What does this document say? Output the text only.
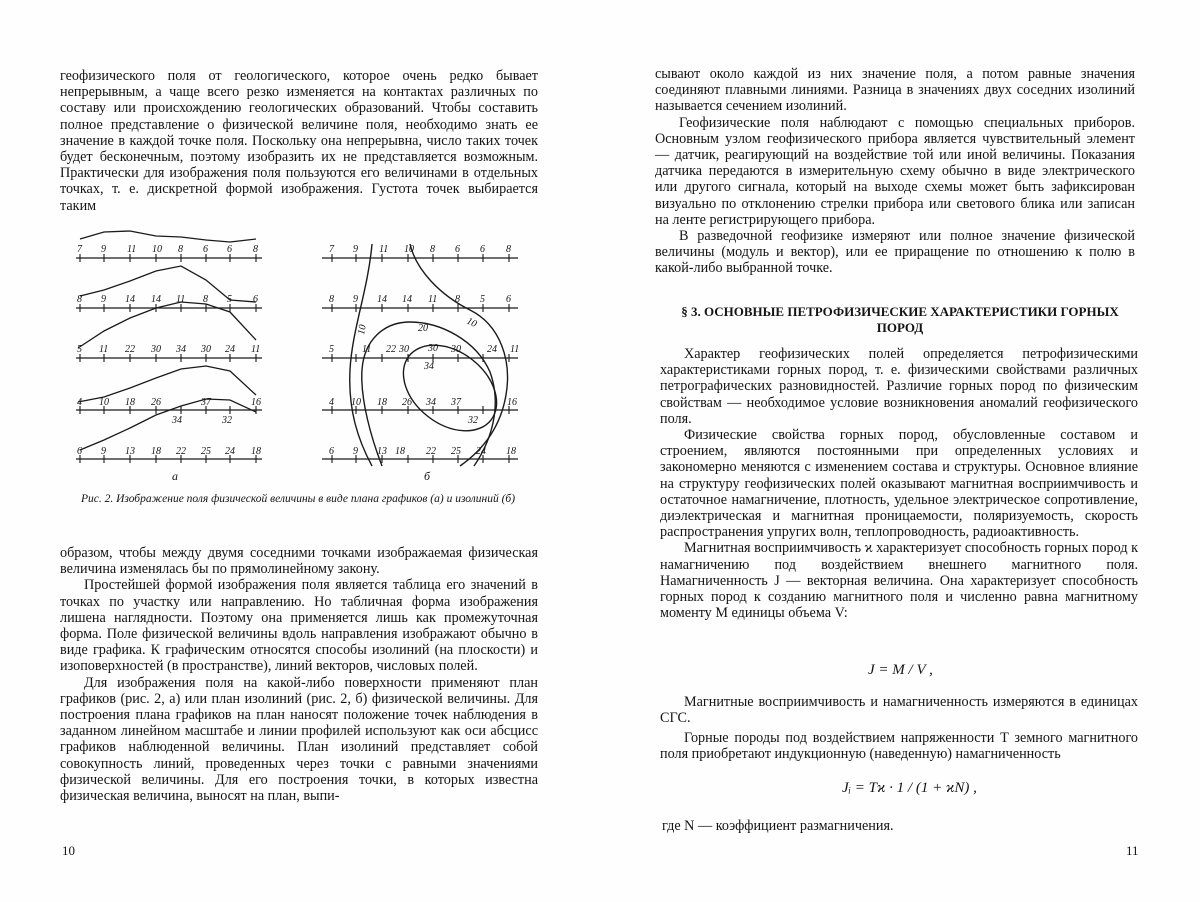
геофизического поля от геологического, которое очень редко бывает непрерывным, а чаще всего резко изменяется на контактах различных по составу или происхождению геологических образований. Чтобы составить полное представление о физической величине поля, необходимо знать ее значение в каждой точке поля. Поскольку она непрерывна, число таких точек будет бесконечным, поэтому изобразить их не представляется возможным. Практически для изображения поля пользуются его величинами в отдельных точках, т. е. дискретной формой изображения. Густота точек выбирается таким

7 9 11 10 8 6 6 8
8 9 14 14 11 8 5 6
5 11 22 30 34 30 24 11
4 10 18 26
34
37
32
16
6 9 13 18 22 25 24 18
а
7 9 11 10 8 6 6 8
8 9 14 14 11 8 5 6
5	11 22 30
34
30	24 11
4 10 18 26 34 37
32
16
6 9 13 18 22 25 24 18
10	10
20
30
б
Рис. 2. Изображение поля физической величины в виде плана графиков (а) и изолиний (б)

образом, чтобы между двумя соседними точками изображаемая физическая величина изменялась бы по прямолинейному закону.

Простейшей формой изображения поля является таблица его значений в точках по участку или направлению. Но табличная форма изображения лишена наглядности. Поэтому она применяется лишь как промежуточная форма. Поле физической величины вдоль направления изображают обычно в виде графика. К графическим относятся способы изолиний (на плоскости) и изоповерхностей (в пространстве), линий векторов, числовых полей.

Для изображения поля на какой-либо поверхности применяют план графиков (рис. 2, а) или план изолиний (рис. 2, б) физической величины. Для построения плана графиков на план наносят положение точек наблюдения в заданном линейном масштабе и линии профилей используют как оси абсцисс графиков наблюденной величины. План изолиний представляет собой совокупность линий, проведенных через точки с равными значениями физической величины. Для его построения точки, в которых известна физическая величина, выносят на план, выпи-

10

сывают около каждой из них значение поля, а потом равные значения соединяют плавными линиями. Разница в значениях двух соседних изолиний называется сечением изолиний.

Геофизические поля наблюдают с помощью специальных приборов. Основным узлом геофизического прибора является чувствительный элемент — датчик, реагирующий на воздействие той или иной величины. Показания датчика передаются в измерительную схему обычно в виде электрического или другого сигнала, который на выходе схемы может быть зафиксирован визуально по отклонению стрелки прибора или светового блика или записан на ленте регистрирующего прибора.

В разведочной геофизике измеряют или полное значение физической величины (модуль и вектор), или ее приращение по отношению к полю в какой-либо выбранной точке.

§ 3. ОСНОВНЫЕ ПЕТРОФИЗИЧЕСКИЕ ХАРАКТЕРИСТИКИ ГОРНЫХ ПОРОД

Характер геофизических полей определяется петрофизическими характеристиками горных пород, т. е. физическими свойствами различных петрографических разновидностей. Различие горных пород по физическим свойствам — необходимое условие возникновения аномалий геофизического поля.

Физические свойства горных пород, обусловленные составом и строением, являются постоянными при определенных условиях и закономерно меняются с изменением состава и структуры. Основное влияние на структуру геофизических полей оказывают магнитная восприимчивость и остаточное намагничение, плотность, удельное электрическое сопротивление, диэлектрическая и магнитная проницаемости, поляризуемость, скорость распространения упругих волн, теплопроводность, радиоактивность.

Магнитная восприимчивость ϰ характеризует способность горных пород к намагничению под воздействием внешнего магнитного поля. Намагниченность J — векторная величина. Она характеризует способность горных пород к созданию магнитного поля и численно равна магнитному моменту M единицы объема V:

J = M / V ,

Магнитные восприимчивость и намагниченность измеряются в единицах СГС.

Горные породы под воздействием напряженности T земного магнитного поля приобретают индукционную (наведенную) намагниченность

Jᵢ = Tϰ · 1 / (1 + ϰN) ,

где N — коэффициент размагничения.

11
